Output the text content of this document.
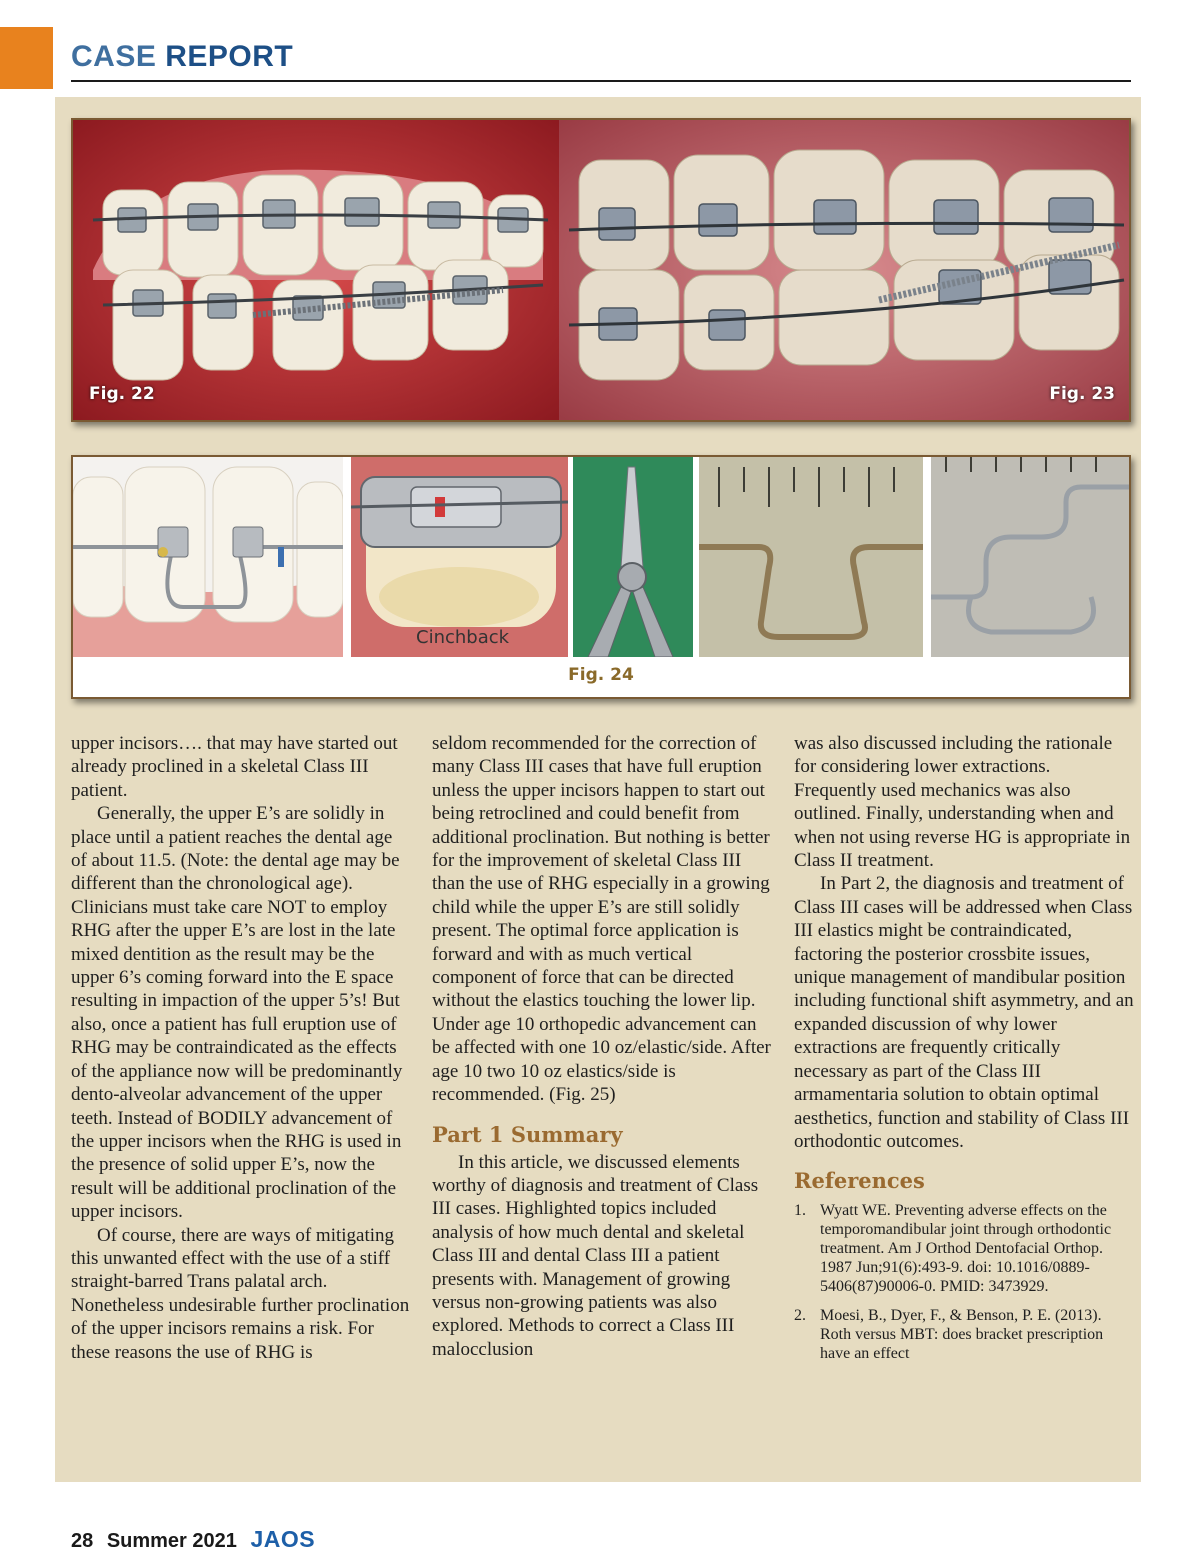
CASE REPORT
Fig. 22	Fig. 23
Cinchback
Fig. 24

upper incisors…. that may have started out already proclined in a skeletal Class III patient.

Generally, the upper E’s are solidly in place until a patient reaches the dental age of about 11.5. (Note: the dental age may be different than the chronological age). Clinicians must take care NOT to employ RHG after the upper E’s are lost in the late mixed dentition as the result may be the upper 6’s coming forward into the E space resulting in impaction of the upper 5’s! But also, once a patient has full eruption use of RHG may be contraindicated as the effects of the appliance now will be predominantly dento-alveolar advancement of the upper teeth. Instead of BODILY advancement of the upper incisors when the RHG is used in the presence of solid upper E’s, now the result will be additional proclination of the upper incisors.

Of course, there are ways of mitigating this unwanted effect with the use of a stiff straight-barred Trans palatal arch. Nonetheless undesirable further proclination of the upper incisors remains a risk. For these reasons the use of RHG is

seldom recommended for the correction of many Class III cases that have full eruption unless the upper incisors happen to start out being retroclined and could benefit from additional proclination. But nothing is better for the improvement of skeletal Class III than the use of RHG especially in a growing child while the upper E’s are still solidly present. The optimal force application is forward and with as much vertical component of force that can be directed without the elastics touching the lower lip. Under age 10 orthopedic advancement can be affected with one 10 oz/elastic/side. After age 10 two 10 oz elastics/side is recommended. (Fig. 25)

Part 1 Summary

In this article, we discussed elements worthy of diagnosis and treatment of Class III cases. Highlighted topics included analysis of how much dental and skeletal Class III and dental Class III a patient presents with. Management of growing versus non-growing patients was also explored. Methods to correct a Class III malocclusion

was also discussed including the rationale for considering lower extractions. Frequently used mechanics was also outlined. Finally, understanding when and when not using reverse HG is appropriate in Class II treatment.

In Part 2, the diagnosis and treatment of Class III cases will be addressed when Class III elastics might be contraindicated, factoring the posterior crossbite issues, unique management of mandibular position including functional shift asymmetry, and an expanded discussion of why lower extractions are frequently critically necessary as part of the Class III armamentaria solution to obtain optimal aesthetics, function and stability of Class III orthodontic outcomes.

References
1. Wyatt WE. Preventing adverse effects on the temporomandibular joint through orthodontic treatment. Am J Orthod Dentofacial Orthop. 1987 Jun;91(6):493-9. doi: 10.1016/0889-5406(87)90006-0. PMID: 3473929.
2. Moesi, B., Dyer, F., & Benson, P. E. (2013). Roth versus MBT: does bracket prescription have an effect
28 Summer 2021 JAOS
